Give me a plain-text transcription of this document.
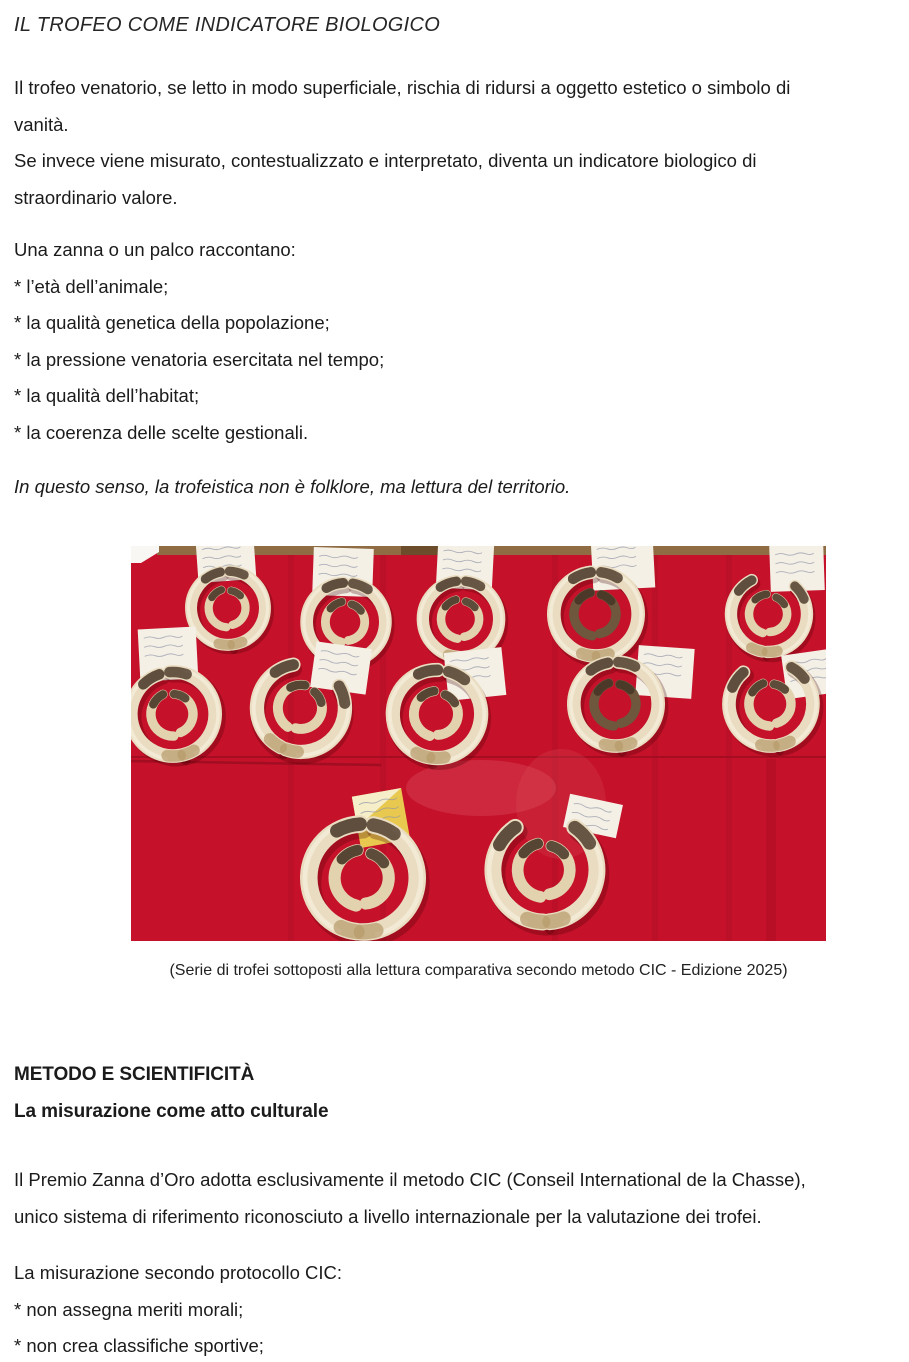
IL TROFEO COME INDICATORE BIOLOGICO
Il trofeo venatorio, se letto in modo superficiale, rischia di ridursi a oggetto estetico o simbolo di
vanità.
Se invece viene misurato, contestualizzato e interpretato, diventa un indicatore biologico di
straordinario valore.
Una zanna o un palco raccontano:
* l’età dell’animale;
* la qualità genetica della popolazione;
* la pressione venatoria esercitata nel tempo;
* la qualità dell’habitat;
* la coerenza delle scelte gestionali.
In questo senso, la trofeistica non è folklore, ma lettura del territorio.
(Serie di trofei sottoposti alla lettura comparativa secondo metodo CIC - Edizione 2025)
METODO E SCIENTIFICITÀ
La misurazione come atto culturale
Il Premio Zanna d’Oro adotta esclusivamente il metodo CIC (Conseil International de la Chasse),
unico sistema di riferimento riconosciuto a livello internazionale per la valutazione dei trofei.
La misurazione secondo protocollo CIC:
* non assegna meriti morali;
* non crea classifiche sportive;
